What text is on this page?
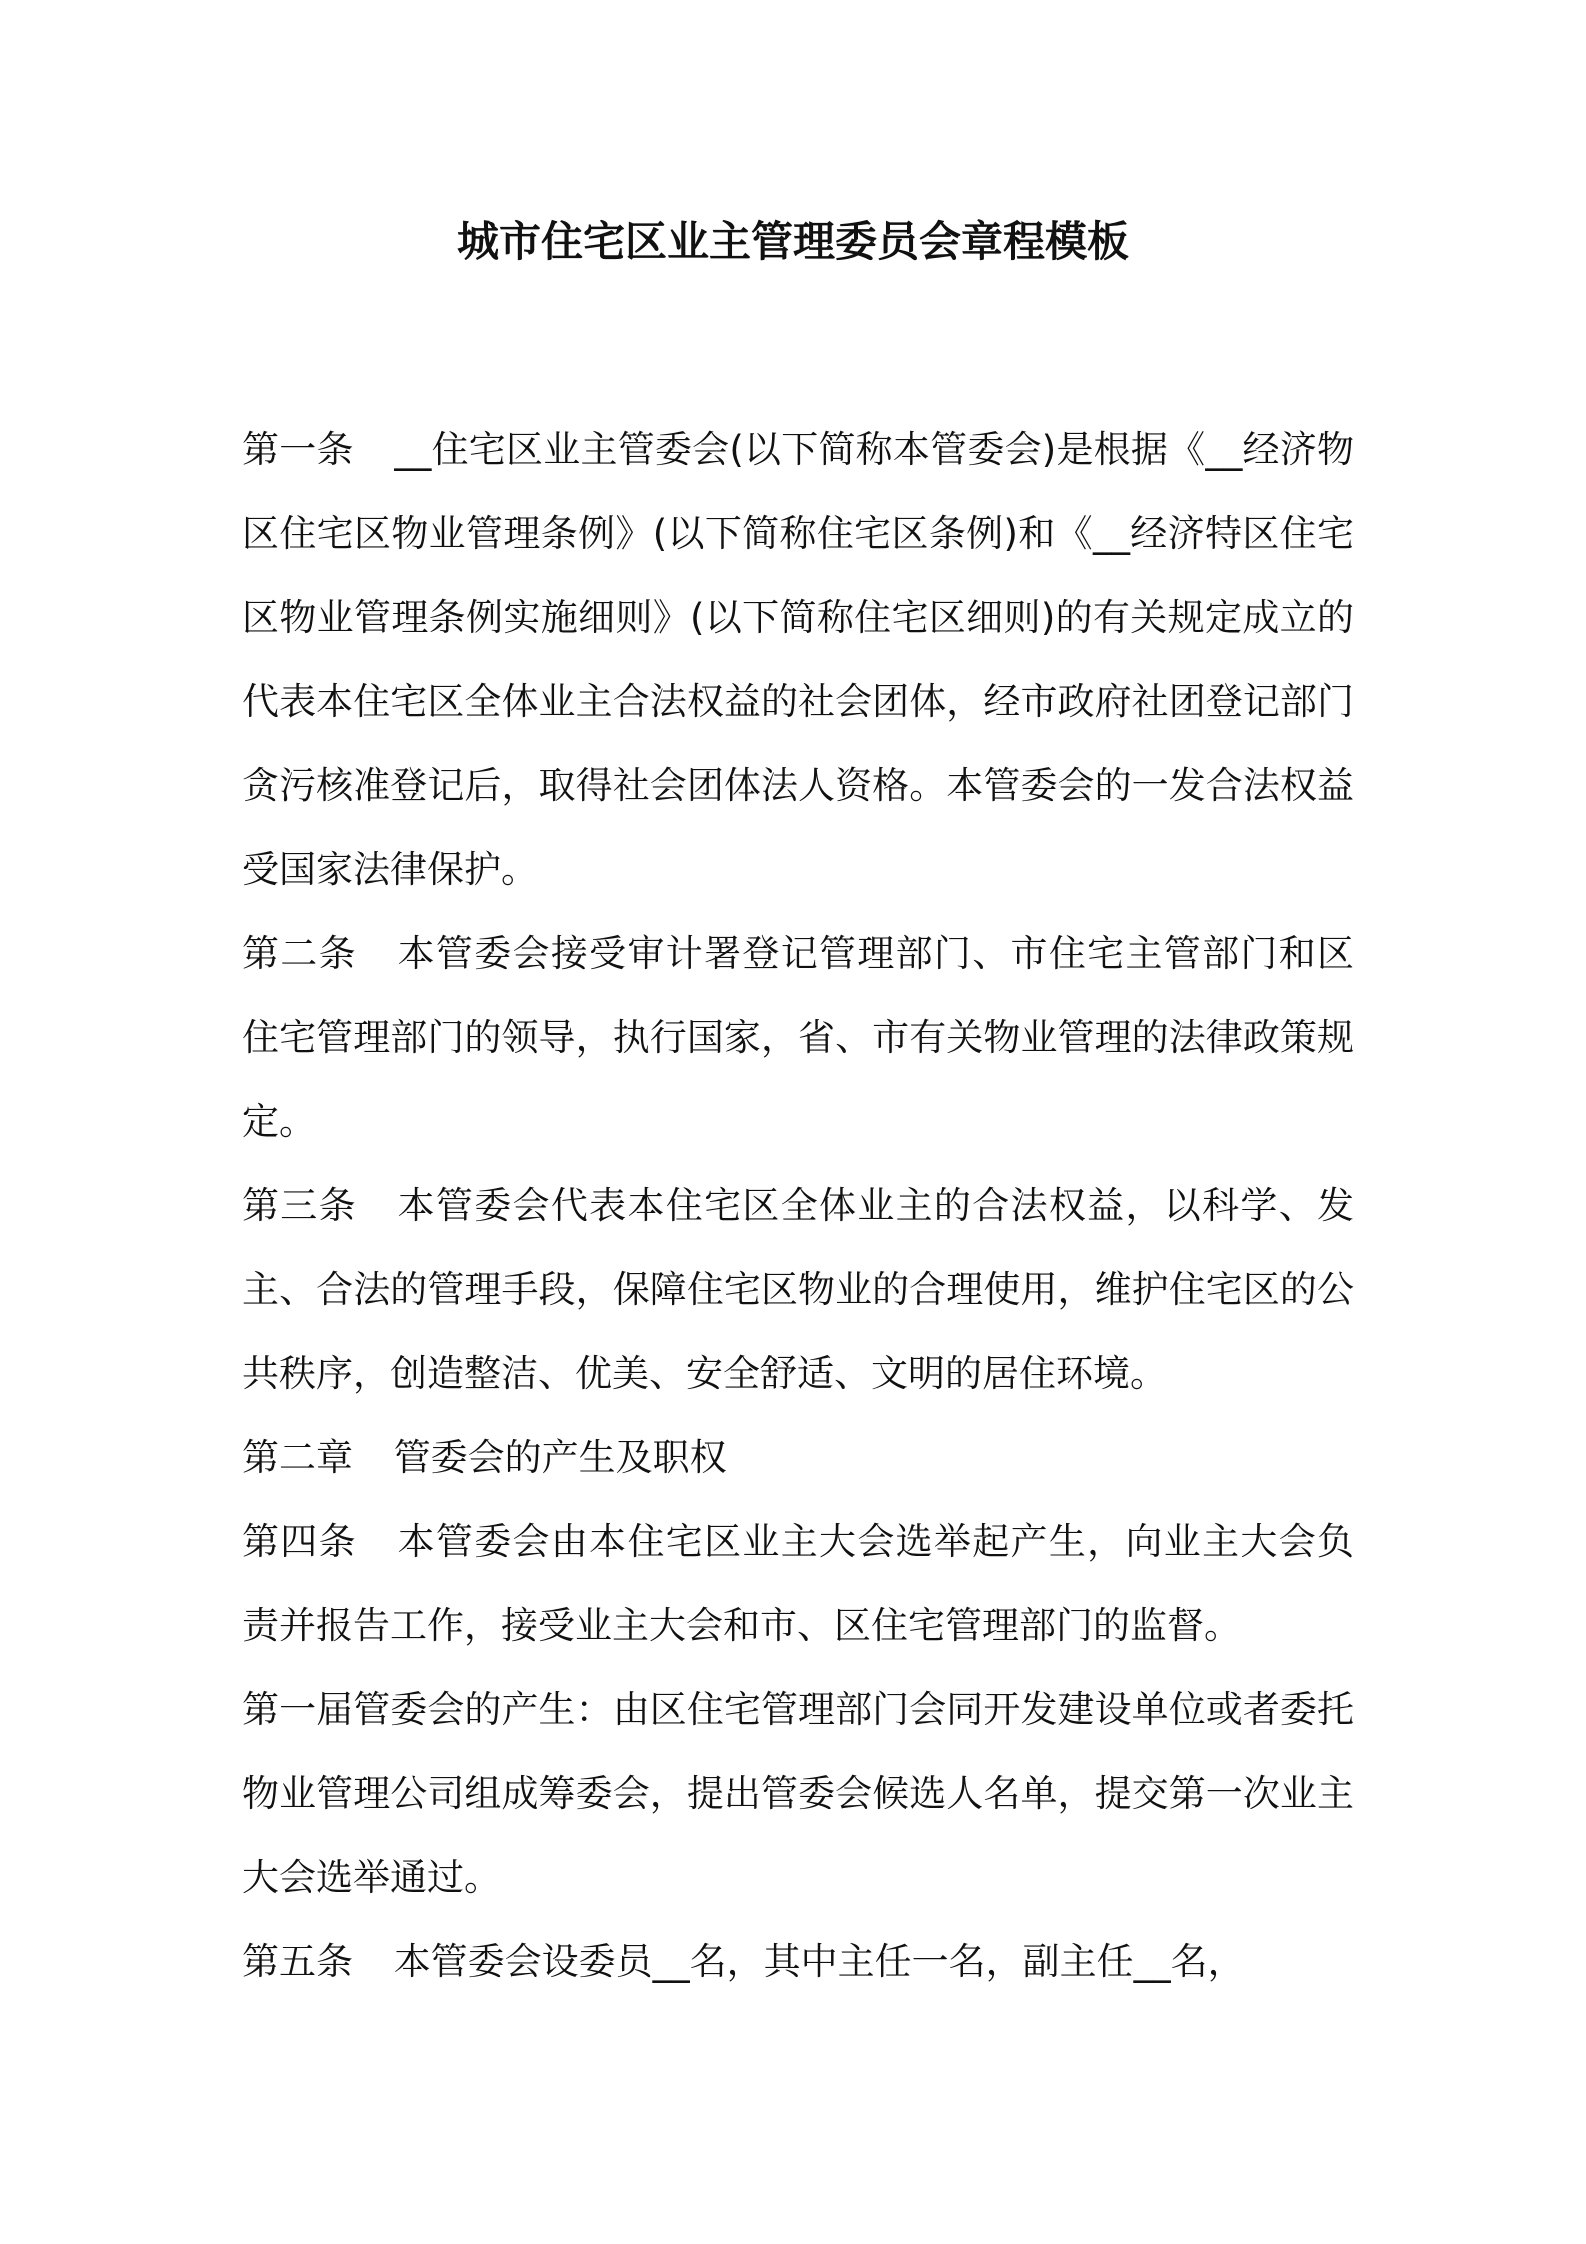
城市住宅区业主管理委员会章程模板

第一条 __住宅区业主管委会(以下简称本管委会)是根据《__经济物区住宅区物业管理条例》(以下简称住宅区条例)和《__经济特区住宅区物业管理条例实施细则》(以下简称住宅区细则)的有关规定成立的代表本住宅区全体业主合法权益的社会团体，经市政府社团登记部门贪污核准登记后，取得社会团体法人资格。本管委会的一发合法权益受国家法律保护。

第二条 本管委会接受审计署登记管理部门、市住宅主管部门和区住宅管理部门的领导，执行国家，省、市有关物业管理的法律政策规定。

第三条 本管委会代表本住宅区全体业主的合法权益，以科学、发主、合法的管理手段，保障住宅区物业的合理使用，维护住宅区的公共秩序，创造整洁、优美、安全舒适、文明的居住环境。

第二章 管委会的产生及职权

第四条 本管委会由本住宅区业主大会选举起产生，向业主大会负责并报告工作，接受业主大会和市、区住宅管理部门的监督。

第一届管委会的产生：由区住宅管理部门会同开发建设单位或者委托物业管理公司组成筹委会，提出管委会候选人名单，提交第一次业主大会选举通过。

第五条 本管委会设委员__名，其中主任一名，副主任__名，
